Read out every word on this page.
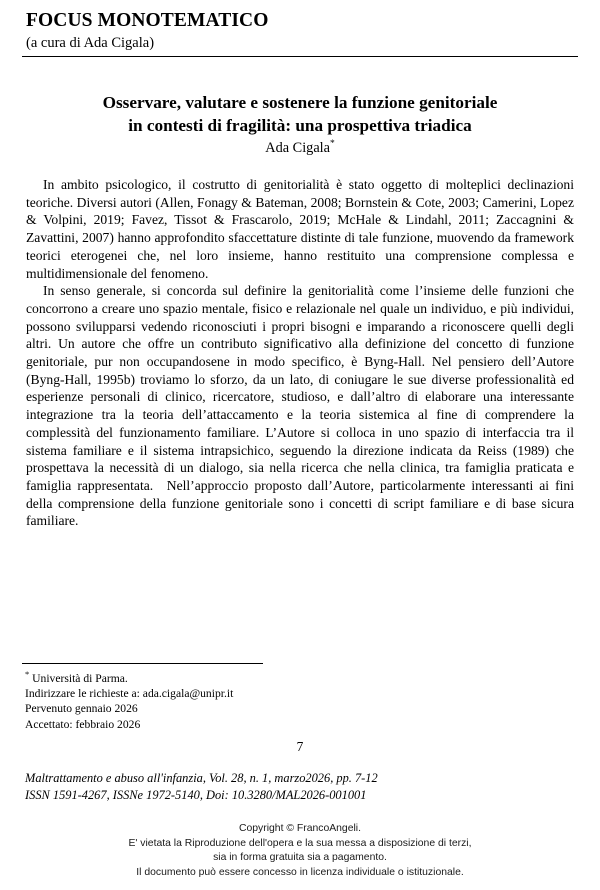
FOCUS MONOTEMATICO
(a cura di Ada Cigala)
Osservare, valutare e sostenere la funzione genitoriale
in contesti di fragilità: una prospettiva triadica
Ada Cigala*

In ambito psicologico, il costrutto di genitorialità è stato oggetto di molteplici declinazioni teoriche. Diversi autori (Allen, Fonagy & Bateman, 2008; Bornstein & Cote, 2003; Camerini, Lopez & Volpini, 2019; Favez, Tissot & Frascarolo, 2019; McHale & Lindahl, 2011; Zaccagnini & Zavattini, 2007) hanno approfondito sfaccettature distinte di tale funzione, muovendo da framework teorici eterogenei che, nel loro insieme, hanno restituito una comprensione complessa e multidimensionale del fenomeno.

In senso generale, si concorda sul definire la genitorialità come l’insieme delle funzioni che concorrono a creare uno spazio mentale, fisico e relazionale nel quale un individuo, e più individui, possono svilupparsi vedendo riconosciuti i propri bisogni e imparando a riconoscere quelli degli altri. Un autore che offre un contributo significativo alla definizione del concetto di funzione genitoriale, pur non occupandosene in modo specifico, è Byng-Hall. Nel pensiero dell’Autore (Byng-Hall, 1995b) troviamo lo sforzo, da un lato, di coniugare le sue diverse professionalità ed esperienze personali di clinico, ricercatore, studioso, e dall’altro di elaborare una interessante integrazione tra la teoria dell’attaccamento e la teoria sistemica al fine di comprendere la complessità del funzionamento familiare. L’Autore si colloca in uno spazio di interfaccia tra il sistema familiare e il sistema intrapsichico, seguendo la direzione indicata da Reiss (1989) che prospettava la necessità di un dialogo, sia nella ricerca che nella clinica, tra famiglia praticata e famiglia rappresentata. Nell’approccio proposto dall’Autore, particolarmente interessanti ai fini della comprensione della funzione genitoriale sono i concetti di script familiare e di base sicura familiare.

* Università di Parma.

Indirizzare le richieste a: ada.cigala@unipr.it

Pervenuto gennaio 2026

Accettato: febbraio 2026

7

Maltrattamento e abuso all'infanzia, Vol. 28, n. 1, marzo2026, pp. 7-12

ISSN 1591-4267, ISSNe 1972-5140, Doi: 10.3280/MAL2026-001001

Copyright © FrancoAngeli.

E' vietata la Riproduzione dell'opera e la sua messa a disposizione di terzi,

sia in forma gratuita sia a pagamento.

Il documento può essere concesso in licenza individuale o istituzionale.
